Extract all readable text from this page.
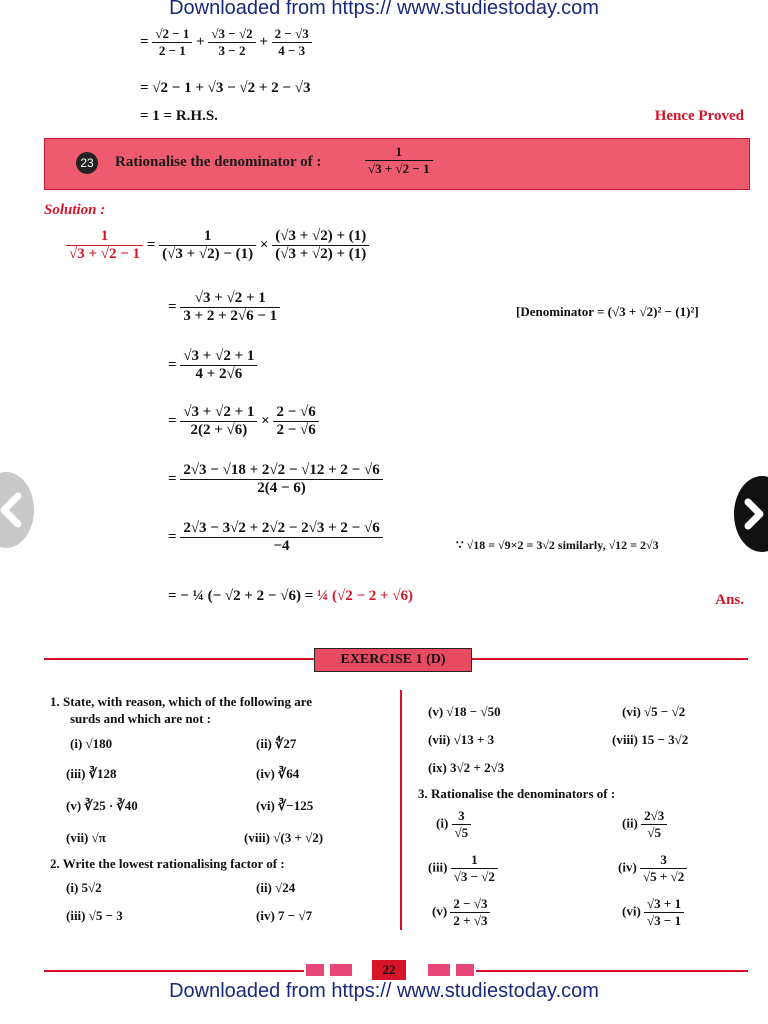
Downloaded from https:// www.studiestoday.com
= $\frac{√2 - 1}{2 - 1} + \frac{√3 - √2}{3 - 2} + \frac{2 - √3}{4 - 3}$
= √2 − 1 + √3 − √2 + 2 − √3
= 1 = R.H.S.	Hence Proved
23 Rationalise the denominator of :	$\frac{1}{√3 + √2 - 1}$
Solution :
$\frac{1}{√3 + √2 - 1} = \frac{1}{(√3 + √2) - (1)} \times \frac{(√3 + √2) + (1)}{(√3 + √2) + (1)}$
= $\frac{√3 + √2 + 1}{3 + 2 + 2√6 - 1}$	[Denominator = (√3 + √2)² − (1)²]
= $\frac{√3 + √2 + 1}{4 + 2√6}$
= $\frac{√3 + √2 + 1}{2(2 + √6)} \times \frac{2 - √6}{2 - √6}$
= $\frac{2√3 - √18 + 2√2 - √12 + 2 - √6}{2(4 - 6)}$
= $\frac{2√3 - 3√2 + 2√2 - 2√3 + 2 - √6}{-4}$	∵ √18 = √9×2 = 3√2 similarly, √12 = 2√3
= − ¼ (− √2 + 2 − √6) = ¼ (√2 − 2 + √6)	Ans.
EXERCISE 1 (D)
1. State, with reason, which of the following are
surds and which are not :
(i) √180	(ii) ∜27
(iii) ∛128	(iv) ∛64
(v) ∛25 · ∛40	(vi) ∛−125
(vii) √π	(viii) √(3 + √2)
2. Write the lowest rationalising factor of :
(i) 5√2	(ii) √24
(iii) √5 − 3	(iv) 7 − √7
(v) √18 − √50	(vi) √5 − √2
(vii) √13 + 3	(viii) 15 − 3√2
(ix) 3√2 + 2√3
3. Rationalise the denominators of :
$(i) \frac{3}{√5}$	$(ii) \frac{2√3}{√5}$
$(iii) \frac{1}{√3 - √2}$	$(iv) \frac{3}{√5 + √2}$
$(v) \frac{2 - √3}{2 + √3}$	$(vi) \frac{√3 + 1}{√3 - 1}$
22
Downloaded from https:// www.studiestoday.com
